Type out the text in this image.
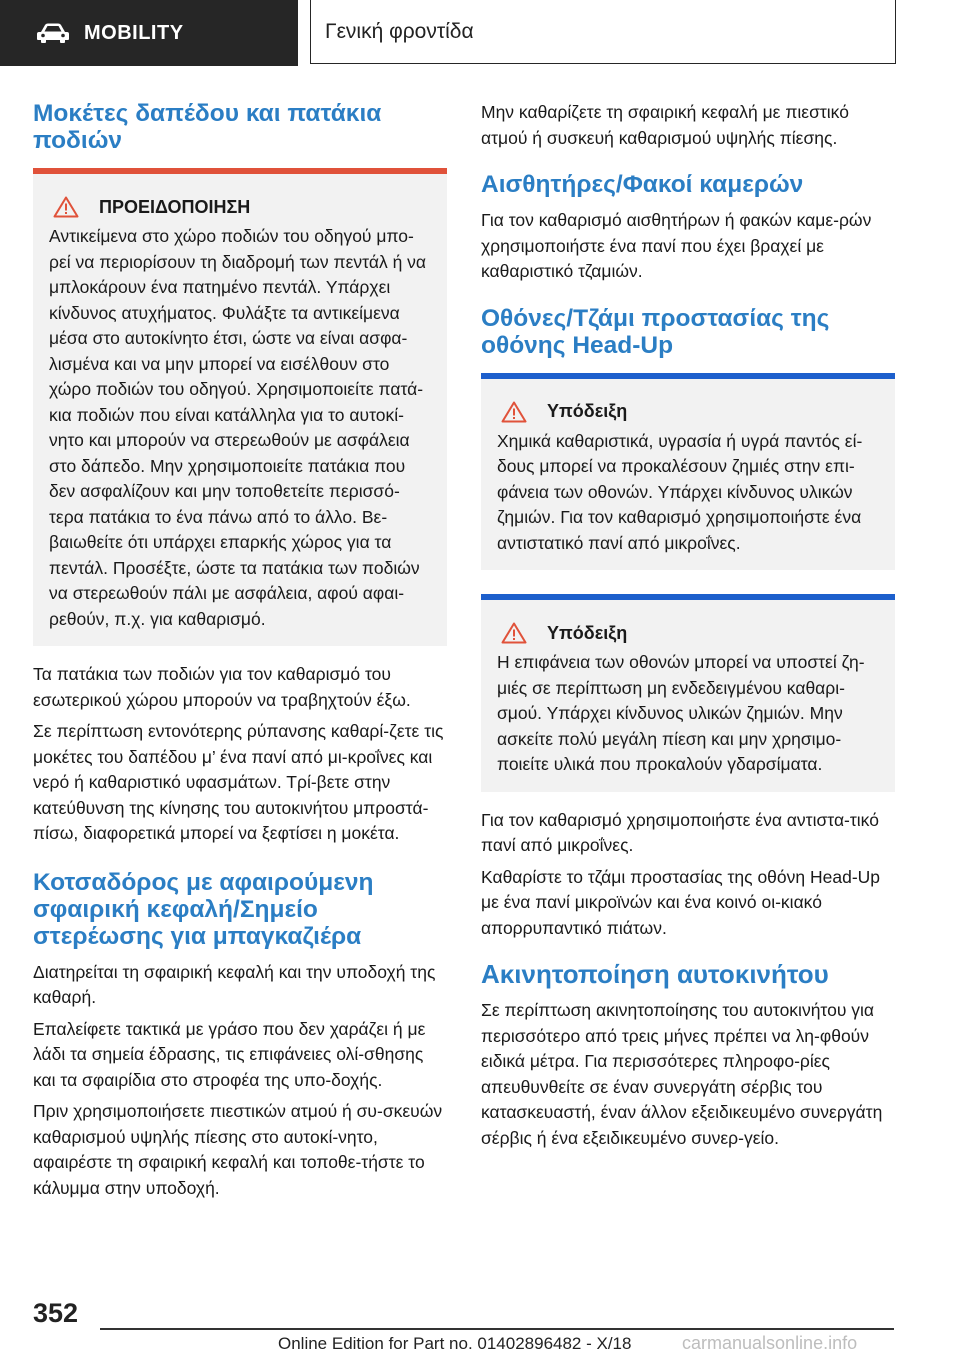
MOBILITY	Γενική φροντίδα
Μοκέτες δαπέδου και πατάκια ποδιών
ΠΡΟΕΙΔΟΠΟΙΗΣΗ

Αντικείμενα στο χώρο ποδιών του οδηγού μπο-ρεί να περιορίσουν τη διαδρομή των πεντάλ ή να μπλοκάρουν ένα πατημένο πεντάλ. Υπάρχει κίνδυνος ατυχήματος. Φυλάξτε τα αντικείμενα μέσα στο αυτοκίνητο έτσι, ώστε να είναι ασφα-λισμένα και να μην μπορεί να εισέλθουν στο χώρο ποδιών του οδηγού. Χρησιμοποιείτε πατά-κια ποδιών που είναι κατάλληλα για το αυτοκί-νητο και μπορούν να στερεωθούν με ασφάλεια στο δάπεδο. Μην χρησιμοποιείτε πατάκια που δεν ασφαλίζουν και μην τοποθετείτε περισσό-τερα πατάκια το ένα πάνω από το άλλο. Βε-βαιωθείτε ότι υπάρχει επαρκής χώρος για τα πεντάλ. Προσέξτε, ώστε τα πατάκια των ποδιών να στερεωθούν πάλι με ασφάλεια, αφού αφαι-ρεθούν, π.χ. για καθαρισμό.

Τα πατάκια των ποδιών για τον καθαρισμό του εσωτερικού χώρου μπορούν να τραβηχτούν έξω.

Σε περίπτωση εντονότερης ρύπανσης καθαρί-ζετε τις μοκέτες του δαπέδου μ’ ένα πανί από μι-κροΐνες και νερό ή καθαριστικό υφασμάτων. Τρί-βετε στην κατεύθυνση της κίνησης του αυτοκινήτου μπροστά-πίσω, διαφορετικά μπορεί να ξεφτίσει η μοκέτα.

Κοτσαδόρος με αφαιρούμενη σφαιρική κεφαλή/Σημείο στερέωσης για μπαγκαζιέρα

Διατηρείται τη σφαιρική κεφαλή και την υποδοχή της καθαρή.

Επαλείφετε τακτικά με γράσο που δεν χαράζει ή με λάδι τα σημεία έδρασης, τις επιφάνειες ολί-σθησης και τα σφαιρίδια στο στροφέα της υπο-δοχής.

Πριν χρησιμοποιήσετε πιεστικών ατμού ή συ-σκευών καθαρισμού υψηλής πίεσης στο αυτοκί-νητο, αφαιρέστε τη σφαιρική κεφαλή και τοποθε-τήστε το κάλυμμα στην υποδοχή.

Μην καθαρίζετε τη σφαιρική κεφαλή με πιεστικό ατμού ή συσκευή καθαρισμού υψηλής πίεσης.

Αισθητήρες/Φακοί καμερών

Για τον καθαρισμό αισθητήρων ή φακών καμε-ρών χρησιμοποιήστε ένα πανί που έχει βραχεί με καθαριστικό τζαμιών.

Οθόνες/Τζάμι προστασίας της οθόνης Head-Up
Υπόδειξη

Χημικά καθαριστικά, υγρασία ή υγρά παντός εί-δους μπορεί να προκαλέσουν ζημιές στην επι-φάνεια των οθονών. Υπάρχει κίνδυνος υλικών ζημιών. Για τον καθαρισμό χρησιμοποιήστε ένα αντιστατικό πανί από μικροΐνες.

Υπόδειξη

Η επιφάνεια των οθονών μπορεί να υποστεί ζη-μιές σε περίπτωση μη ενδεδειγμένου καθαρι-σμού. Υπάρχει κίνδυνος υλικών ζημιών. Μην ασκείτε πολύ μεγάλη πίεση και μην χρησιμο-ποιείτε υλικά που προκαλούν γδαρσίματα.

Για τον καθαρισμό χρησιμοποιήστε ένα αντιστα-τικό πανί από μικροΐνες.

Καθαρίστε το τζάμι προστασίας της οθόνη Head-Up με ένα πανί μικροϊνών και ένα κοινό οι-κιακό απορρυπαντικό πιάτων.

Ακινητοποίηση αυτοκινήτου

Σε περίπτωση ακινητοποίησης του αυτοκινήτου για περισσότερο από τρεις μήνες πρέπει να λη-φθούν ειδικά μέτρα. Για περισσότερες πληροφο-ρίες απευθυνθείτε σε έναν συνεργάτη σέρβις του κατασκευαστή, έναν άλλον εξειδικευμένο συνεργάτη σέρβις ή ένα εξειδικευμένο συνερ-γείο.

352
Online Edition for Part no. 01402896482 - X/18	carmanualsonline.info
